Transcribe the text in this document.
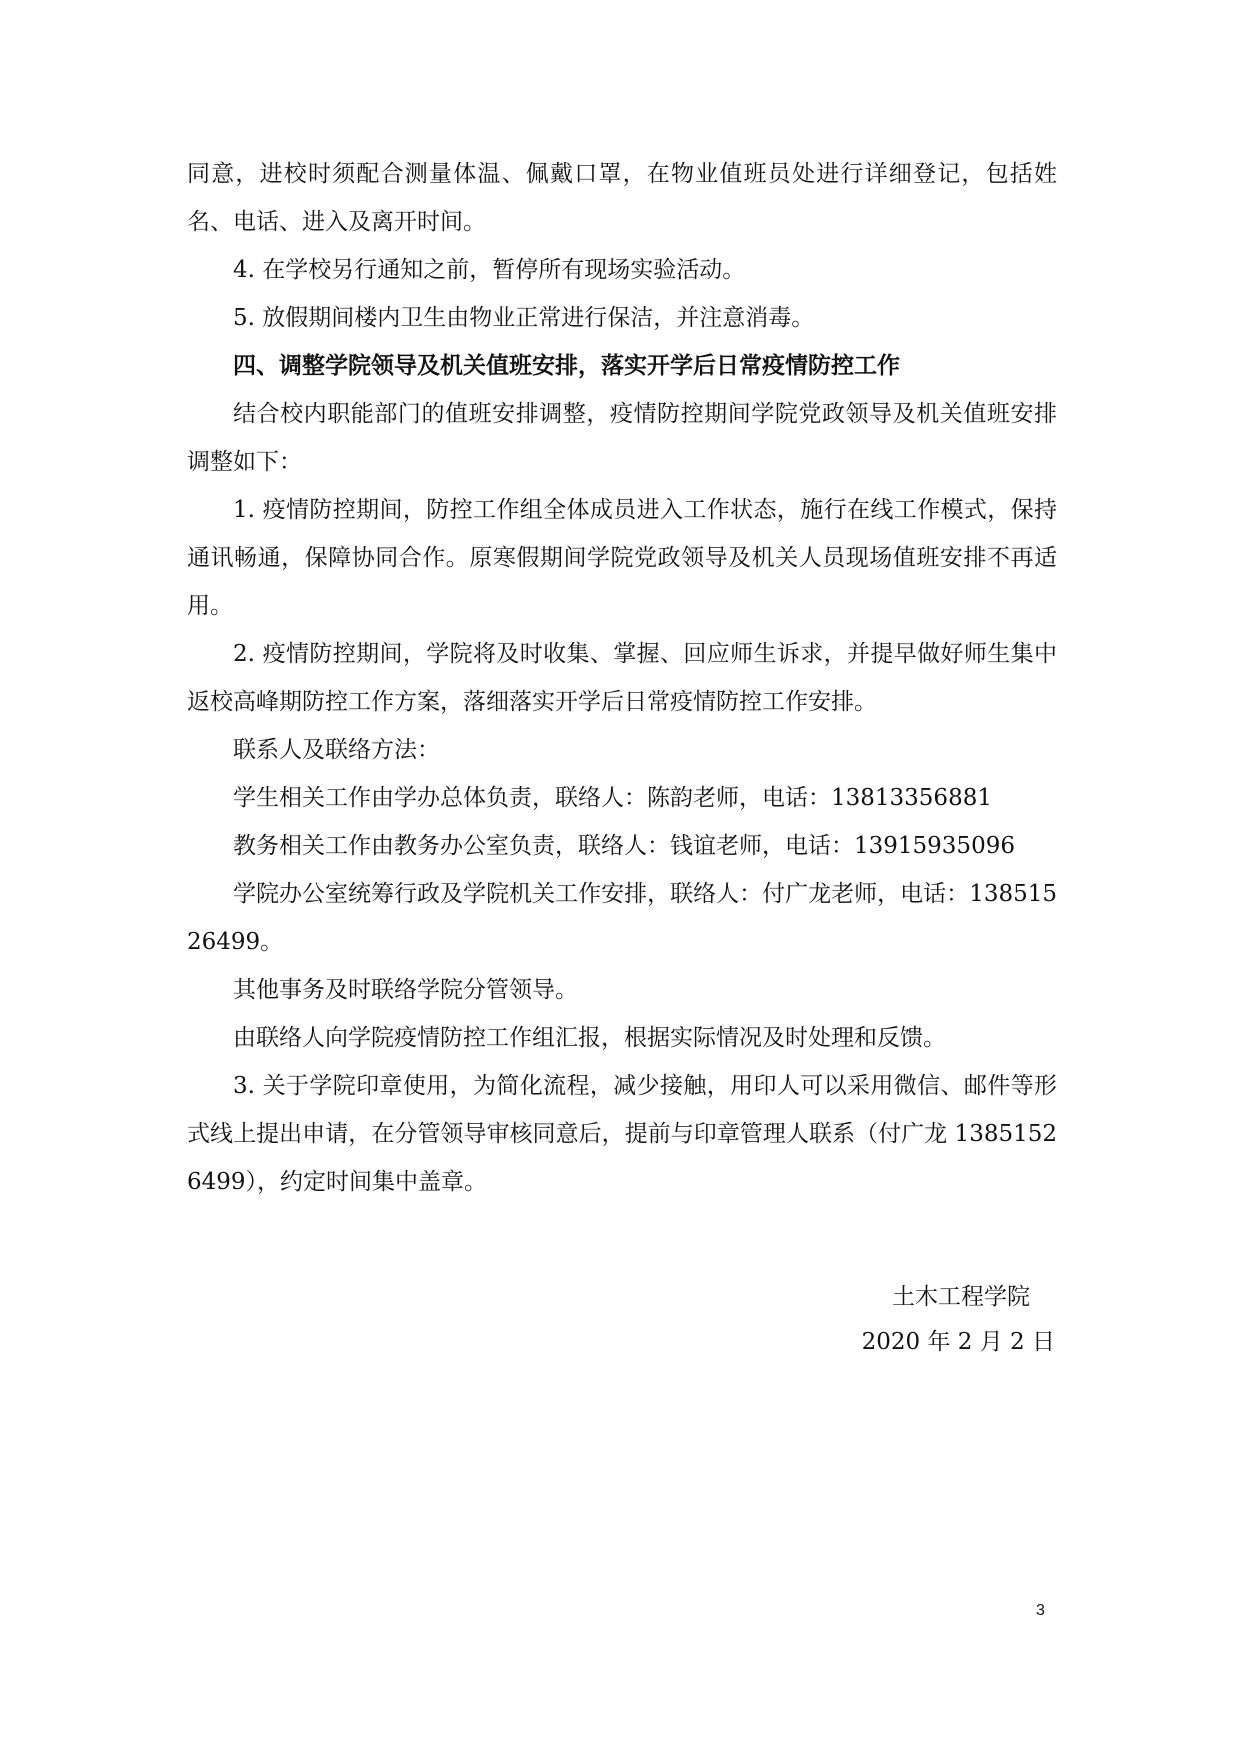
同意，进校时须配合测量体温、佩戴口罩，在物业值班员处进行详细登记，包括姓名、电话、进入及离开时间。

4. 在学校另行通知之前，暂停所有现场实验活动。

5. 放假期间楼内卫生由物业正常进行保洁，并注意消毒。

四、调整学院领导及机关值班安排，落实开学后日常疫情防控工作

结合校内职能部门的值班安排调整，疫情防控期间学院党政领导及机关值班安排调整如下：

1. 疫情防控期间，防控工作组全体成员进入工作状态，施行在线工作模式，保持通讯畅通，保障协同合作。原寒假期间学院党政领导及机关人员现场值班安排不再适用。

2. 疫情防控期间，学院将及时收集、掌握、回应师生诉求，并提早做好师生集中返校高峰期防控工作方案，落细落实开学后日常疫情防控工作安排。

联系人及联络方法：

学生相关工作由学办总体负责，联络人：陈韵老师，电话：13813356881

教务相关工作由教务办公室负责，联络人：钱谊老师，电话：13915935096

学院办公室统筹行政及学院机关工作安排，联络人：付广龙老师，电话：13851526499。

其他事务及时联络学院分管领导。

由联络人向学院疫情防控工作组汇报，根据实际情况及时处理和反馈。

3. 关于学院印章使用，为简化流程，减少接触，用印人可以采用微信、邮件等形式线上提出申请，在分管领导审核同意后，提前与印章管理人联系（付广龙 13851526499），约定时间集中盖章。

土木工程学院
2020 年 2 月 2 日
3
